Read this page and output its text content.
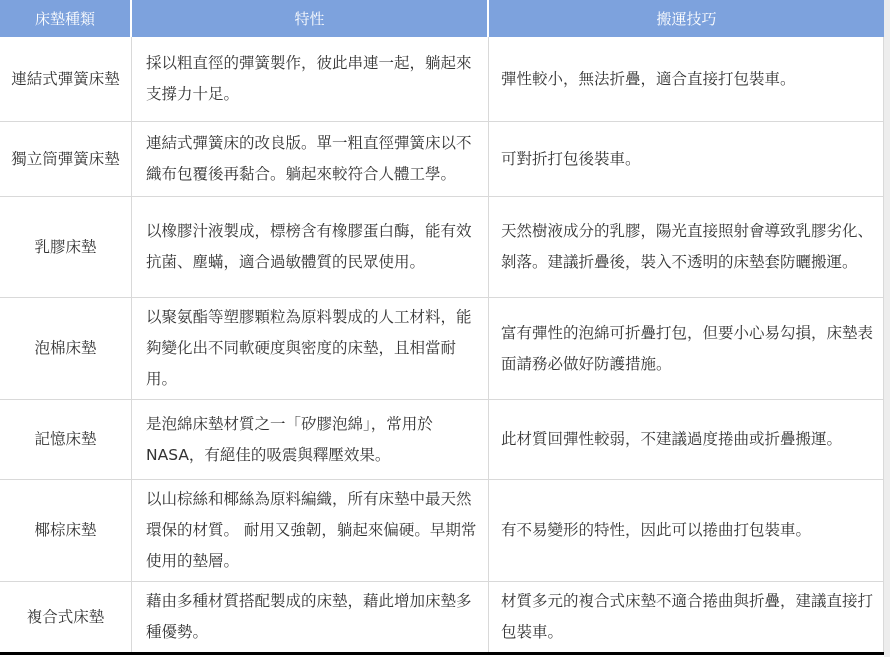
床墊種類	特性	搬運技巧
連結式彈簧床墊	採以粗直徑的彈簧製作，彼此串連一起，躺起來支撐力十足。	彈性較小，無法折疊，適合直接打包裝車。
獨立筒彈簧床墊	連結式彈簧床的改良版。單一粗直徑彈簧床以不織布包覆後再黏合。躺起來較符合人體工學。	可對折打包後裝車。
乳膠床墊	以橡膠汁液製成，標榜含有橡膠蛋白酶，能有效抗菌、塵蟎，適合過敏體質的民眾使用。	天然樹液成分的乳膠，陽光直接照射會導致乳膠劣化、剝落。建議折疊後，裝入不透明的床墊套防曬搬運。
泡棉床墊	以聚氨酯等塑膠顆粒為原料製成的人工材料，能夠變化出不同軟硬度與密度的床墊，且相當耐用。	富有彈性的泡綿可折疊打包，但要小心易勾損，床墊表面請務必做好防護措施。
記憶床墊	是泡綿床墊材質之一「矽膠泡綿」，常用於NASA，有絕佳的吸震與釋壓效果。	此材質回彈性較弱，不建議過度捲曲或折疊搬運。
椰棕床墊	以山棕絲和椰絲為原料編織，所有床墊中最天然環保的材質。 耐用又強韌，躺起來偏硬。早期常使用的墊層。	有不易變形的特性，因此可以捲曲打包裝車。
複合式床墊	藉由多種材質搭配製成的床墊，藉此增加床墊多種優勢。	材質多元的複合式床墊不適合捲曲與折疊，建議直接打包裝車。
